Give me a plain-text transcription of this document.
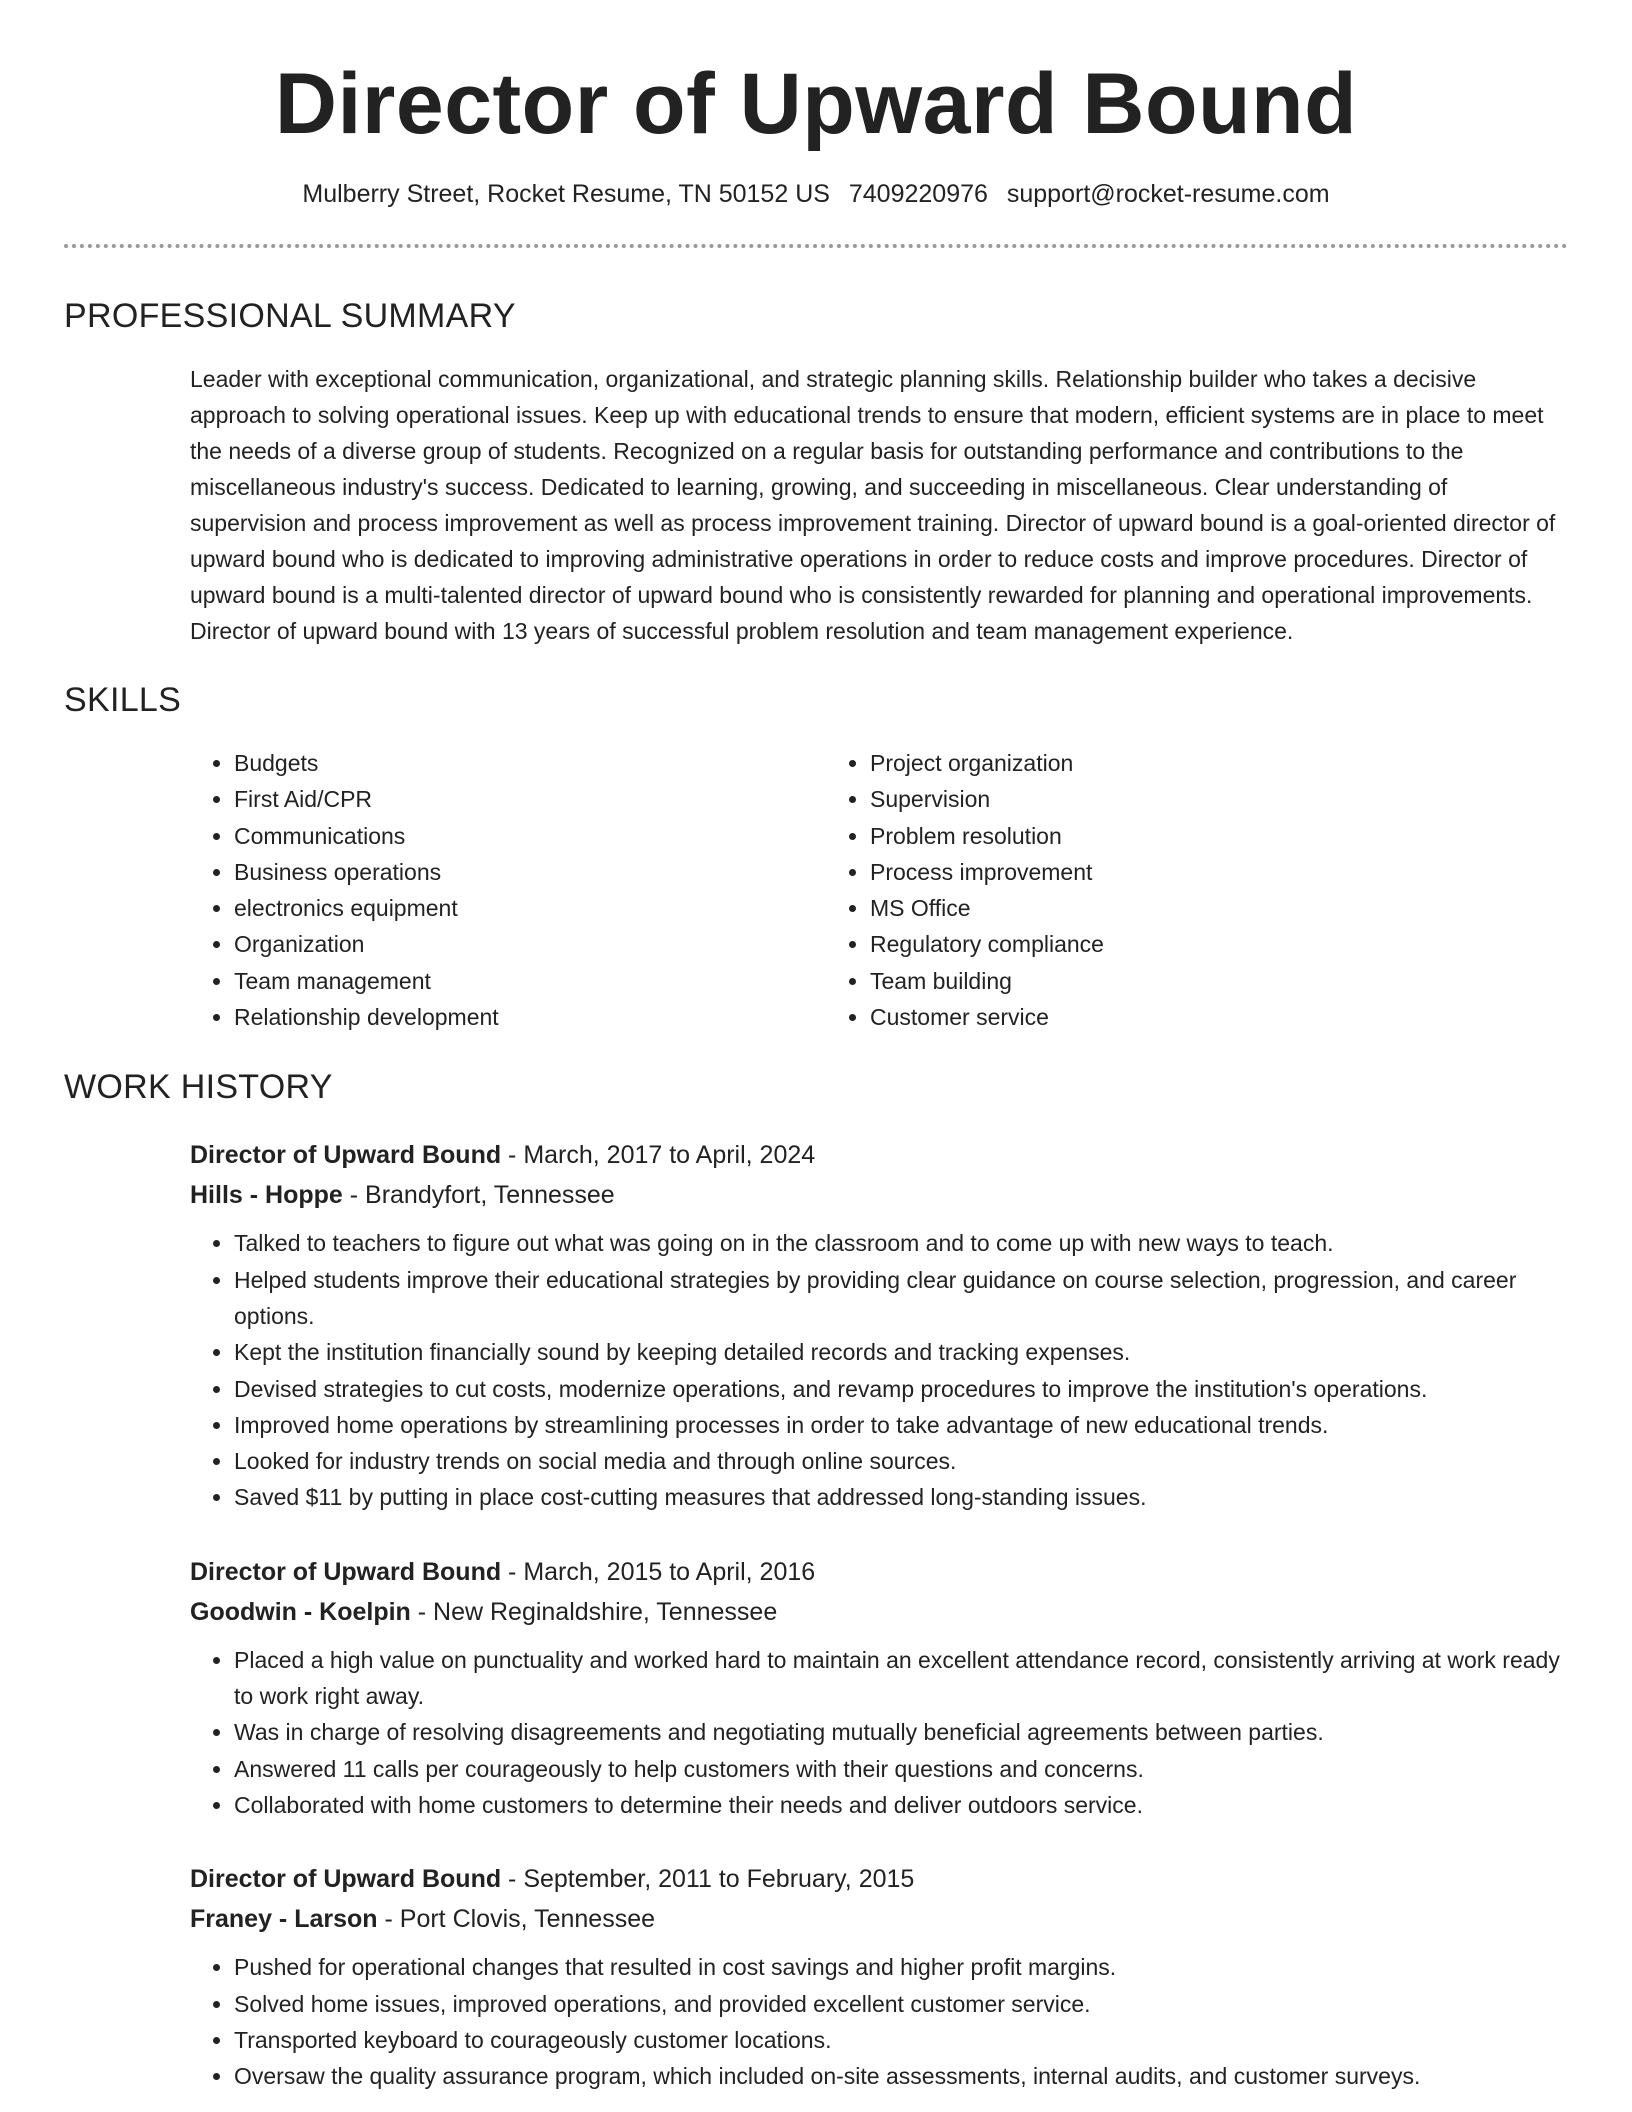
Director of Upward Bound
Mulberry Street, Rocket Resume, TN 50152 US 7409220976 support@rocket-resume.com
PROFESSIONAL SUMMARY

Leader with exceptional communication, organizational, and strategic planning skills. Relationship builder who takes a decisive approach to solving operational issues. Keep up with educational trends to ensure that modern, efficient systems are in place to meet the needs of a diverse group of students. Recognized on a regular basis for outstanding performance and contributions to the miscellaneous industry's success. Dedicated to learning, growing, and succeeding in miscellaneous. Clear understanding of supervision and process improvement as well as process improvement training. Director of upward bound is a goal-oriented director of upward bound who is dedicated to improving administrative operations in order to reduce costs and improve procedures. Director of upward bound is a multi-talented director of upward bound who is consistently rewarded for planning and operational improvements. Director of upward bound with 13 years of successful problem resolution and team management experience.

SKILLS
• Budgets
• First Aid/CPR
• Communications
• Business operations
• electronics equipment
• Organization
• Team management
• Relationship development
• Project organization
• Supervision
• Problem resolution
• Process improvement
• MS Office
• Regulatory compliance
• Team building
• Customer service
WORK HISTORY
Director of Upward Bound - March, 2017 to April, 2024
Hills - Hoppe - Brandyfort, Tennessee
• Talked to teachers to figure out what was going on in the classroom and to come up with new ways to teach.
• Helped students improve their educational strategies by providing clear guidance on course selection, progression, and career options.
• Kept the institution financially sound by keeping detailed records and tracking expenses.
• Devised strategies to cut costs, modernize operations, and revamp procedures to improve the institution's operations.
• Improved home operations by streamlining processes in order to take advantage of new educational trends.
• Looked for industry trends on social media and through online sources.
• Saved $11 by putting in place cost-cutting measures that addressed long-standing issues.
Director of Upward Bound - March, 2015 to April, 2016
Goodwin - Koelpin - New Reginaldshire, Tennessee
• Placed a high value on punctuality and worked hard to maintain an excellent attendance record, consistently arriving at work ready to work right away.
• Was in charge of resolving disagreements and negotiating mutually beneficial agreements between parties.
• Answered 11 calls per courageously to help customers with their questions and concerns.
• Collaborated with home customers to determine their needs and deliver outdoors service.
Director of Upward Bound - September, 2011 to February, 2015
Franey - Larson - Port Clovis, Tennessee
• Pushed for operational changes that resulted in cost savings and higher profit margins.
• Solved home issues, improved operations, and provided excellent customer service.
• Transported keyboard to courageously customer locations.
• Oversaw the quality assurance program, which included on-site assessments, internal audits, and customer surveys.
